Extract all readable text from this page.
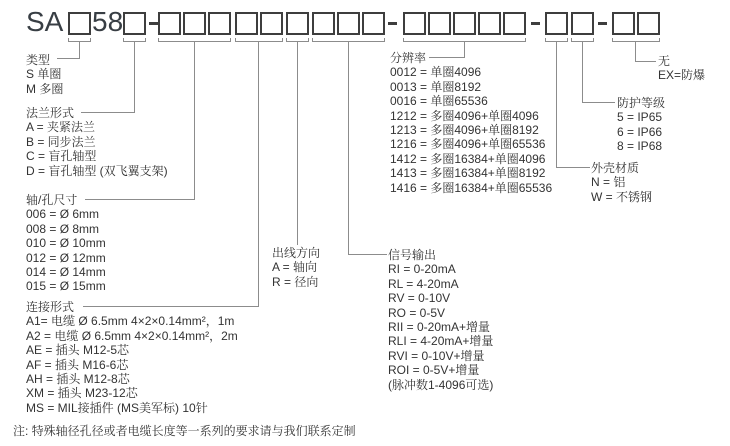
SA 58
类型
S 单圈
M 多圈
法兰形式
A = 夹紧法兰
B = 同步法兰
C = 盲孔轴型
D = 盲孔轴型 (双飞翼支架)
轴/孔尺寸
006 = Ø 6mm
008 = Ø 8mm
010 = Ø 10mm
012 = Ø 12mm
014 = Ø 14mm
015 = Ø 15mm
连接形式
A1= 电缆 Ø 6.5mm 4×2×0.14mm²，1m
A2 = 电缆 Ø 6.5mm 4×2×0.14mm²，2m
AE = 插头 M12-5芯
AF = 插头 M16-6芯
AH = 插头 M12-8芯
XM = 插头 M23-12芯
MS = MIL接插件 (MS美军标) 10针
出线方向
A = 轴向
R = 径向
信号输出
RI = 0-20mA
RL = 4-20mA
RV = 0-10V
RO = 0-5V
RII = 0-20mA+增量
RLI = 4-20mA+增量
RVI = 0-10V+增量
ROI = 0-5V+增量
(脉冲数1-4096可选)
分辨率
0012 = 单圈4096
0013 = 单圈8192
0016 = 单圈65536
1212 = 多圈4096+单圈4096
1213 = 多圈4096+单圈8192
1216 = 多圈4096+单圈65536
1412 = 多圈16384+单圈4096
1413 = 多圈16384+单圈8192
1416 = 多圈16384+单圈65536
防护等级
5 = IP65
6 = IP66
8 = IP68
外壳材质
N = 铝
W = 不锈钢
无
EX=防爆
注: 特殊轴径孔径或者电缆长度等一系列的要求请与我们联系定制
